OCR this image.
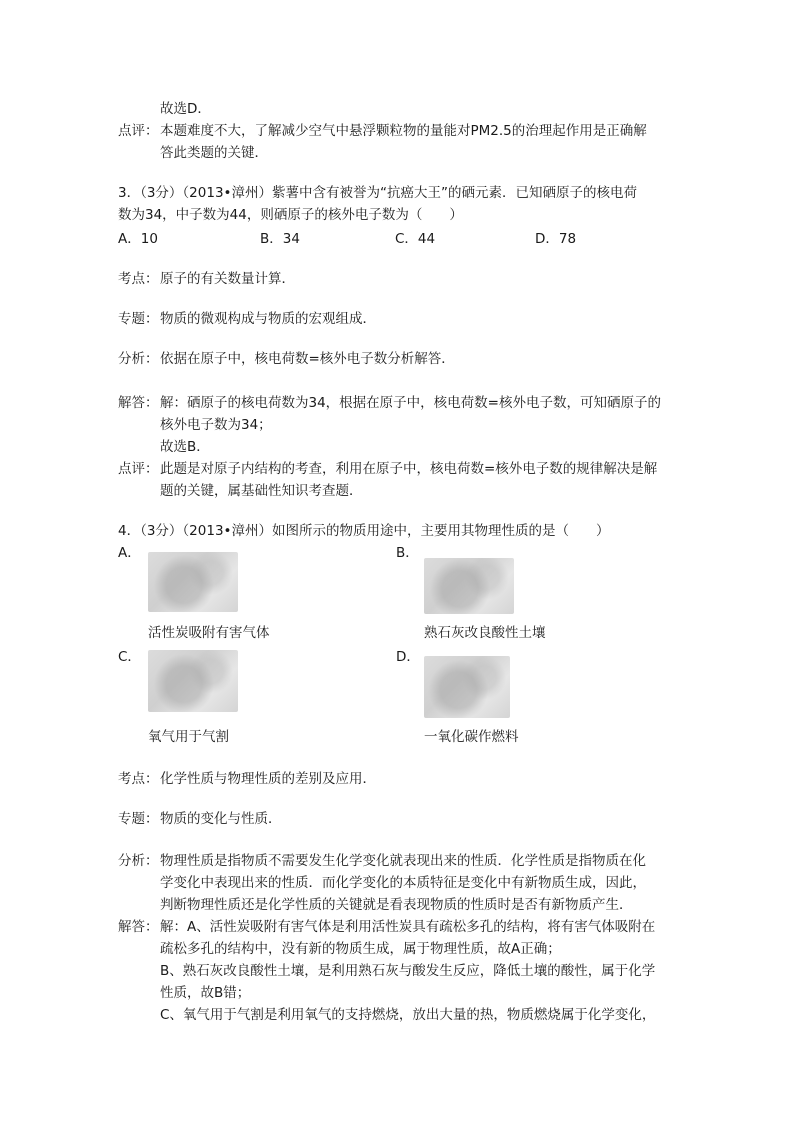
故选D．
点评： 本题难度不大，了解减少空气中悬浮颗粒物的量能对PM2.5的治理起作用是正确解
答此类题的关键．
3．（3分）（2013•漳州）紫薯中含有被誉为“抗癌大王”的硒元素．已知硒原子的核电荷
数为34，中子数为44，则硒原子的核外电子数为（　　）
A．10	B．34	C．44	D．78
考点： 原子的有关数量计算．
专题： 物质的微观构成与物质的宏观组成．
分析： 依据在原子中，核电荷数=核外电子数分析解答．
解答： 解：硒原子的核电荷数为34，根据在原子中，核电荷数=核外电子数，可知硒原子的
核外电子数为34；
故选B．
点评： 此题是对原子内结构的考查，利用在原子中，核电荷数=核外电子数的规律解决是解
题的关键，属基础性知识考查题．
4．（3分）（2013•漳州）如图所示的物质用途中，主要用其物理性质的是（　　）
A．	B．
活性炭吸附有害气体	熟石灰改良酸性土壤
C．	D．
氧气用于气割	一氧化碳作燃料
考点： 化学性质与物理性质的差别及应用．
专题： 物质的变化与性质．
分析： 物理性质是指物质不需要发生化学变化就表现出来的性质．化学性质是指物质在化
学变化中表现出来的性质．而化学变化的本质特征是变化中有新物质生成，因此，
判断物理性质还是化学性质的关键就是看表现物质的性质时是否有新物质产生．
解答： 解：A、活性炭吸附有害气体是利用活性炭具有疏松多孔的结构，将有害气体吸附在
疏松多孔的结构中，没有新的物质生成，属于物理性质，故A正确；
B、熟石灰改良酸性土壤，是利用熟石灰与酸发生反应，降低土壤的酸性，属于化学
性质，故B错；
C、氧气用于气割是利用氧气的支持燃烧，放出大量的热，物质燃烧属于化学变化，
